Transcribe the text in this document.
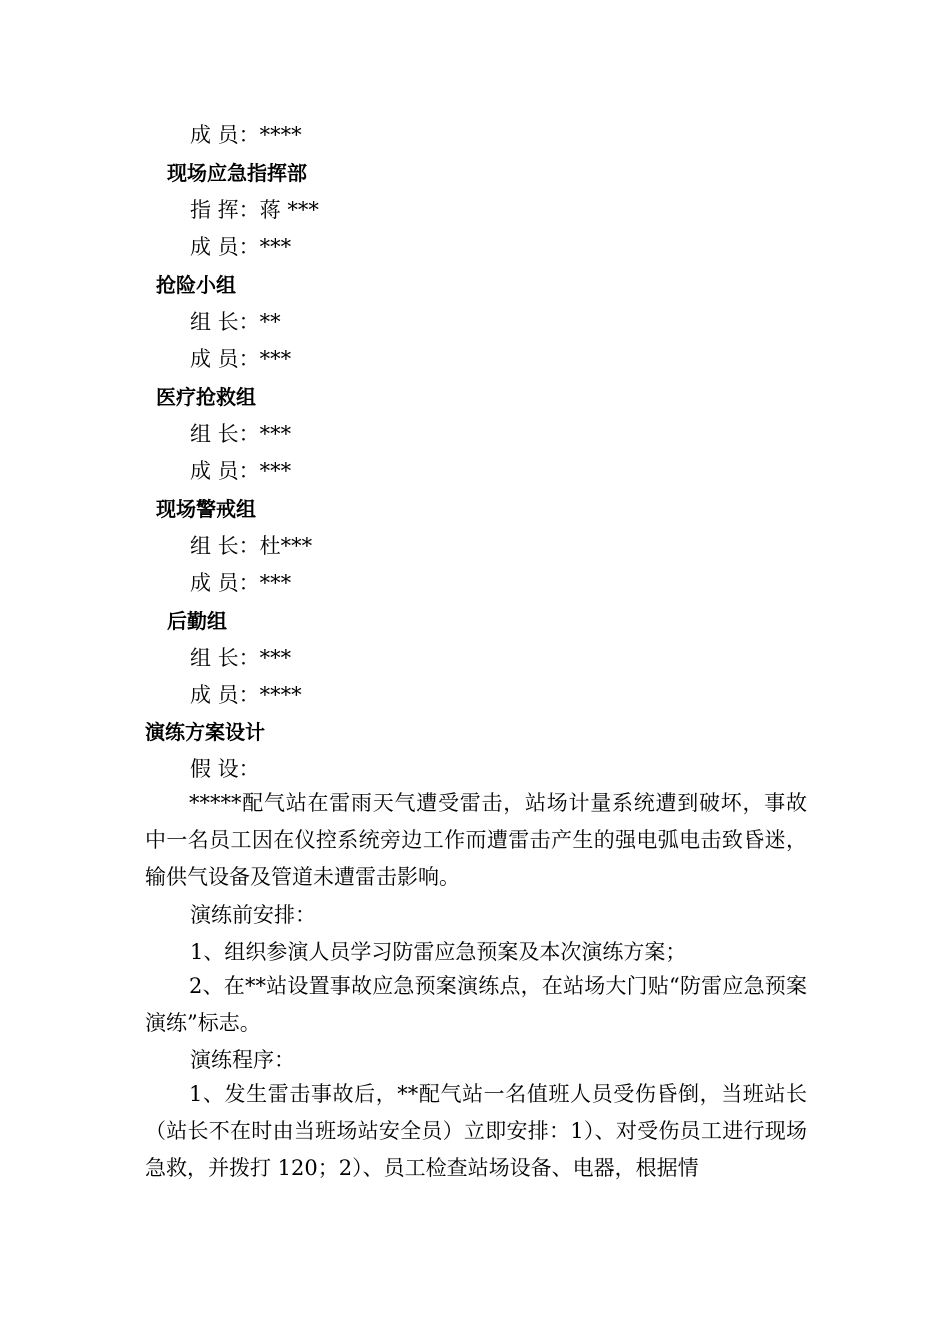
成 员：****
现场应急指挥部
指 挥：蒋 ***
成 员：***
抢险小组
组 长：**
成 员：***
医疗抢救组
组 长：***
成 员：***
现场警戒组
组 长：杜***
成 员：***
后勤组
组 长：***
成 员：****
演练方案设计
假 设：
*****配气站在雷雨天气遭受雷击，站场计量系统遭到破坏，事故中一名员工因在仪控系统旁边工作而遭雷击产生的强电弧电击致昏迷，输供气设备及管道未遭雷击影响。
演练前安排：
1、组织参演人员学习防雷应急预案及本次演练方案；
2、在**站设置事故应急预案演练点，在站场大门贴“防雷应急预案演练”标志。
演练程序：
1、发生雷击事故后，**配气站一名值班人员受伤昏倒，当班站长（站长不在时由当班场站安全员）立即安排：1）、对受伤员工进行现场急救，并拨打 120；2）、员工检查站场设备、电器，根据情
